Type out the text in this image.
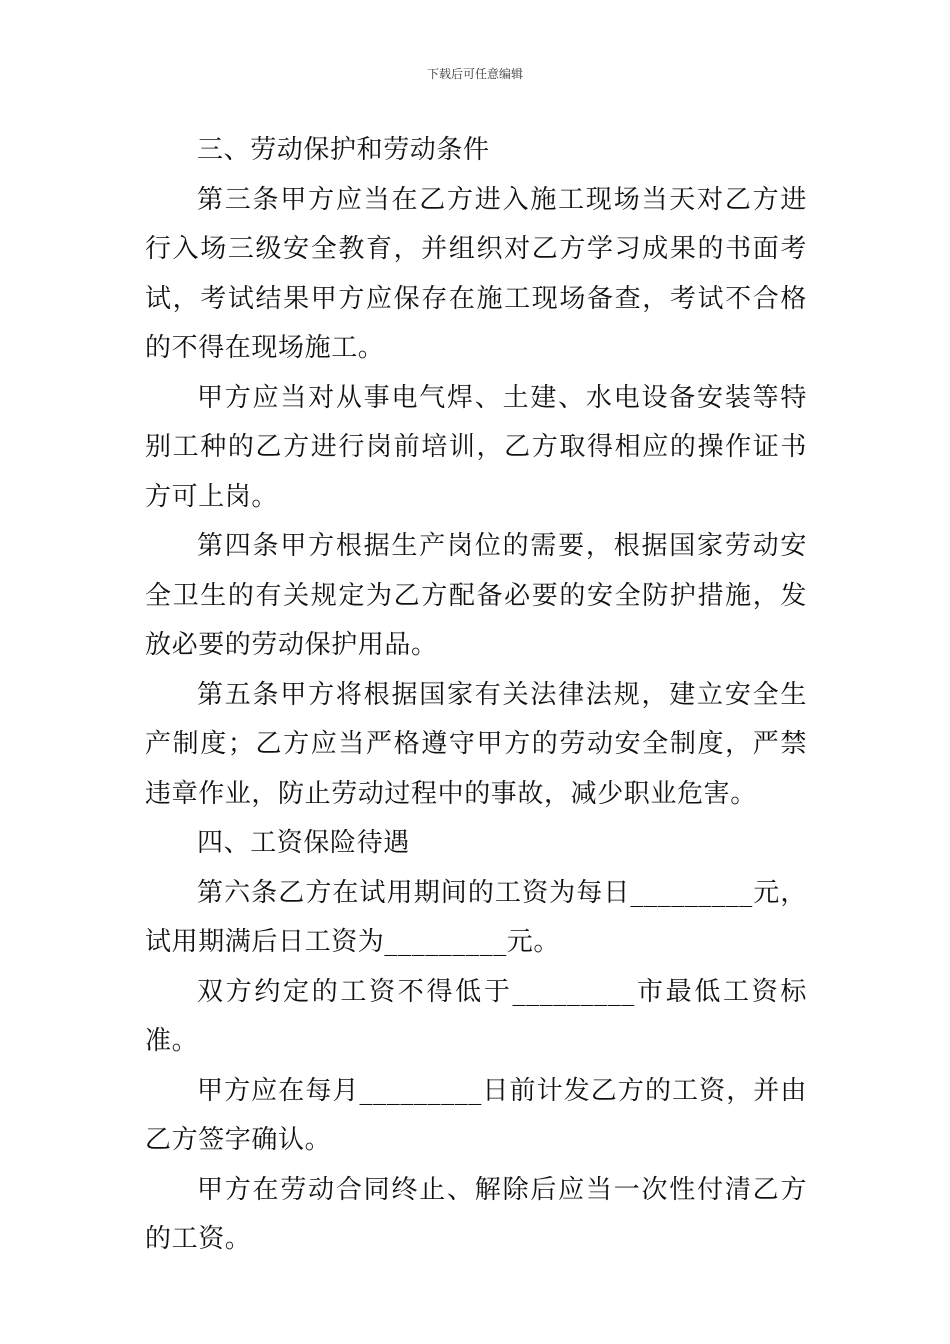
下载后可任意编辑

三、劳动保护和劳动条件

第三条甲方应当在乙方进入施工现场当天对乙方进行入场三级安全教育，并组织对乙方学习成果的书面考试，考试结果甲方应保存在施工现场备查，考试不合格的不得在现场施工。

甲方应当对从事电气焊、土建、水电设备安装等特别工种的乙方进行岗前培训，乙方取得相应的操作证书方可上岗。

第四条甲方根据生产岗位的需要，根据国家劳动安全卫生的有关规定为乙方配备必要的安全防护措施，发放必要的劳动保护用品。

第五条甲方将根据国家有关法律法规，建立安全生产制度；乙方应当严格遵守甲方的劳动安全制度，严禁违章作业，防止劳动过程中的事故，减少职业危害。

四、工资保险待遇

第六条乙方在试用期间的工资为每日_________元，试用期满后日工资为_________元。

双方约定的工资不得低于_________市最低工资标准。

甲方应在每月_________日前计发乙方的工资，并由乙方签字确认。

甲方在劳动合同终止、解除后应当一次性付清乙方的工资。
